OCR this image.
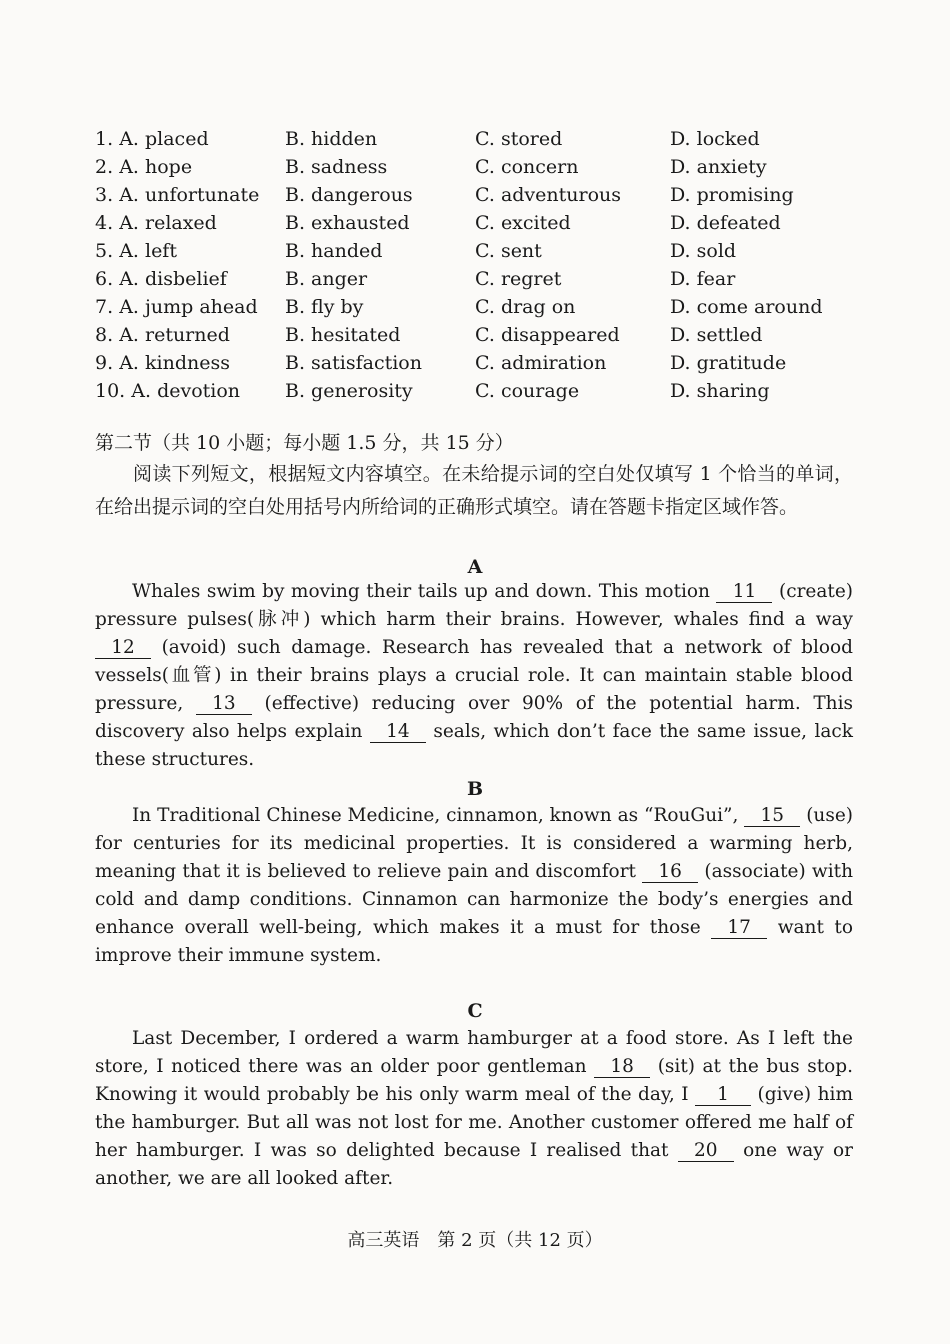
1. A. placed	B. hidden	C. stored	D. locked
2. A. hope	B. sadness	C. concern	D. anxiety
3. A. unfortunate B. dangerous	C. adventurous	D. promising
4. A. relaxed	B. exhausted	C. excited	D. defeated
5. A. left	B. handed	C. sent	D. sold
6. A. disbelief	B. anger	C. regret	D. fear
7. A. jump ahead B. fly by	C. drag on	D. come around
8. A. returned	B. hesitated	C. disappeared	D. settled
9. A. kindness	B. satisfaction	C. admiration	D. gratitude
10. A. devotion B. generosity	C. courage	D. sharing
第二节（共 10 小题；每小题 1.5 分，共 15 分）
阅读下列短文，根据短文内容填空。在未给提示词的空白处仅填写 1 个恰当的单词，在给出提示词的空白处用括号内所给词的正确形式填空。请在答题卡指定区域作答。
A
Whales swim by moving their tails up and down. This motion 11 (create) pressure pulses(脉冲) which harm their brains. However, whales find a way 12 (avoid) such damage. Research has revealed that a network of blood vessels(血管) in their brains plays a crucial role. It can maintain stable blood pressure, 13 (effective) reducing over 90% of the potential harm. This discovery also helps explain 14 seals, which don’t face the same issue, lack these structures.
B
In Traditional Chinese Medicine, cinnamon, known as “RouGui”, 15 (use) for centuries for its medicinal properties. It is considered a warming herb, meaning that it is believed to relieve pain and discomfort 16 (associate) with cold and damp conditions. Cinnamon can harmonize the body’s energies and enhance overall well-being, which makes it a must for those 17 want to improve their immune system.
C
Last December, I ordered a warm hamburger at a food store. As I left the store, I noticed there was an older poor gentleman 18 (sit) at the bus stop. Knowing it would probably be his only warm meal of the day, I 1 (give) him the hamburger. But all was not lost for me. Another customer offered me half of her hamburger. I was so delighted because I realised that 20 one way or another, we are all looked after.
高三英语　第 2 页（共 12 页）
